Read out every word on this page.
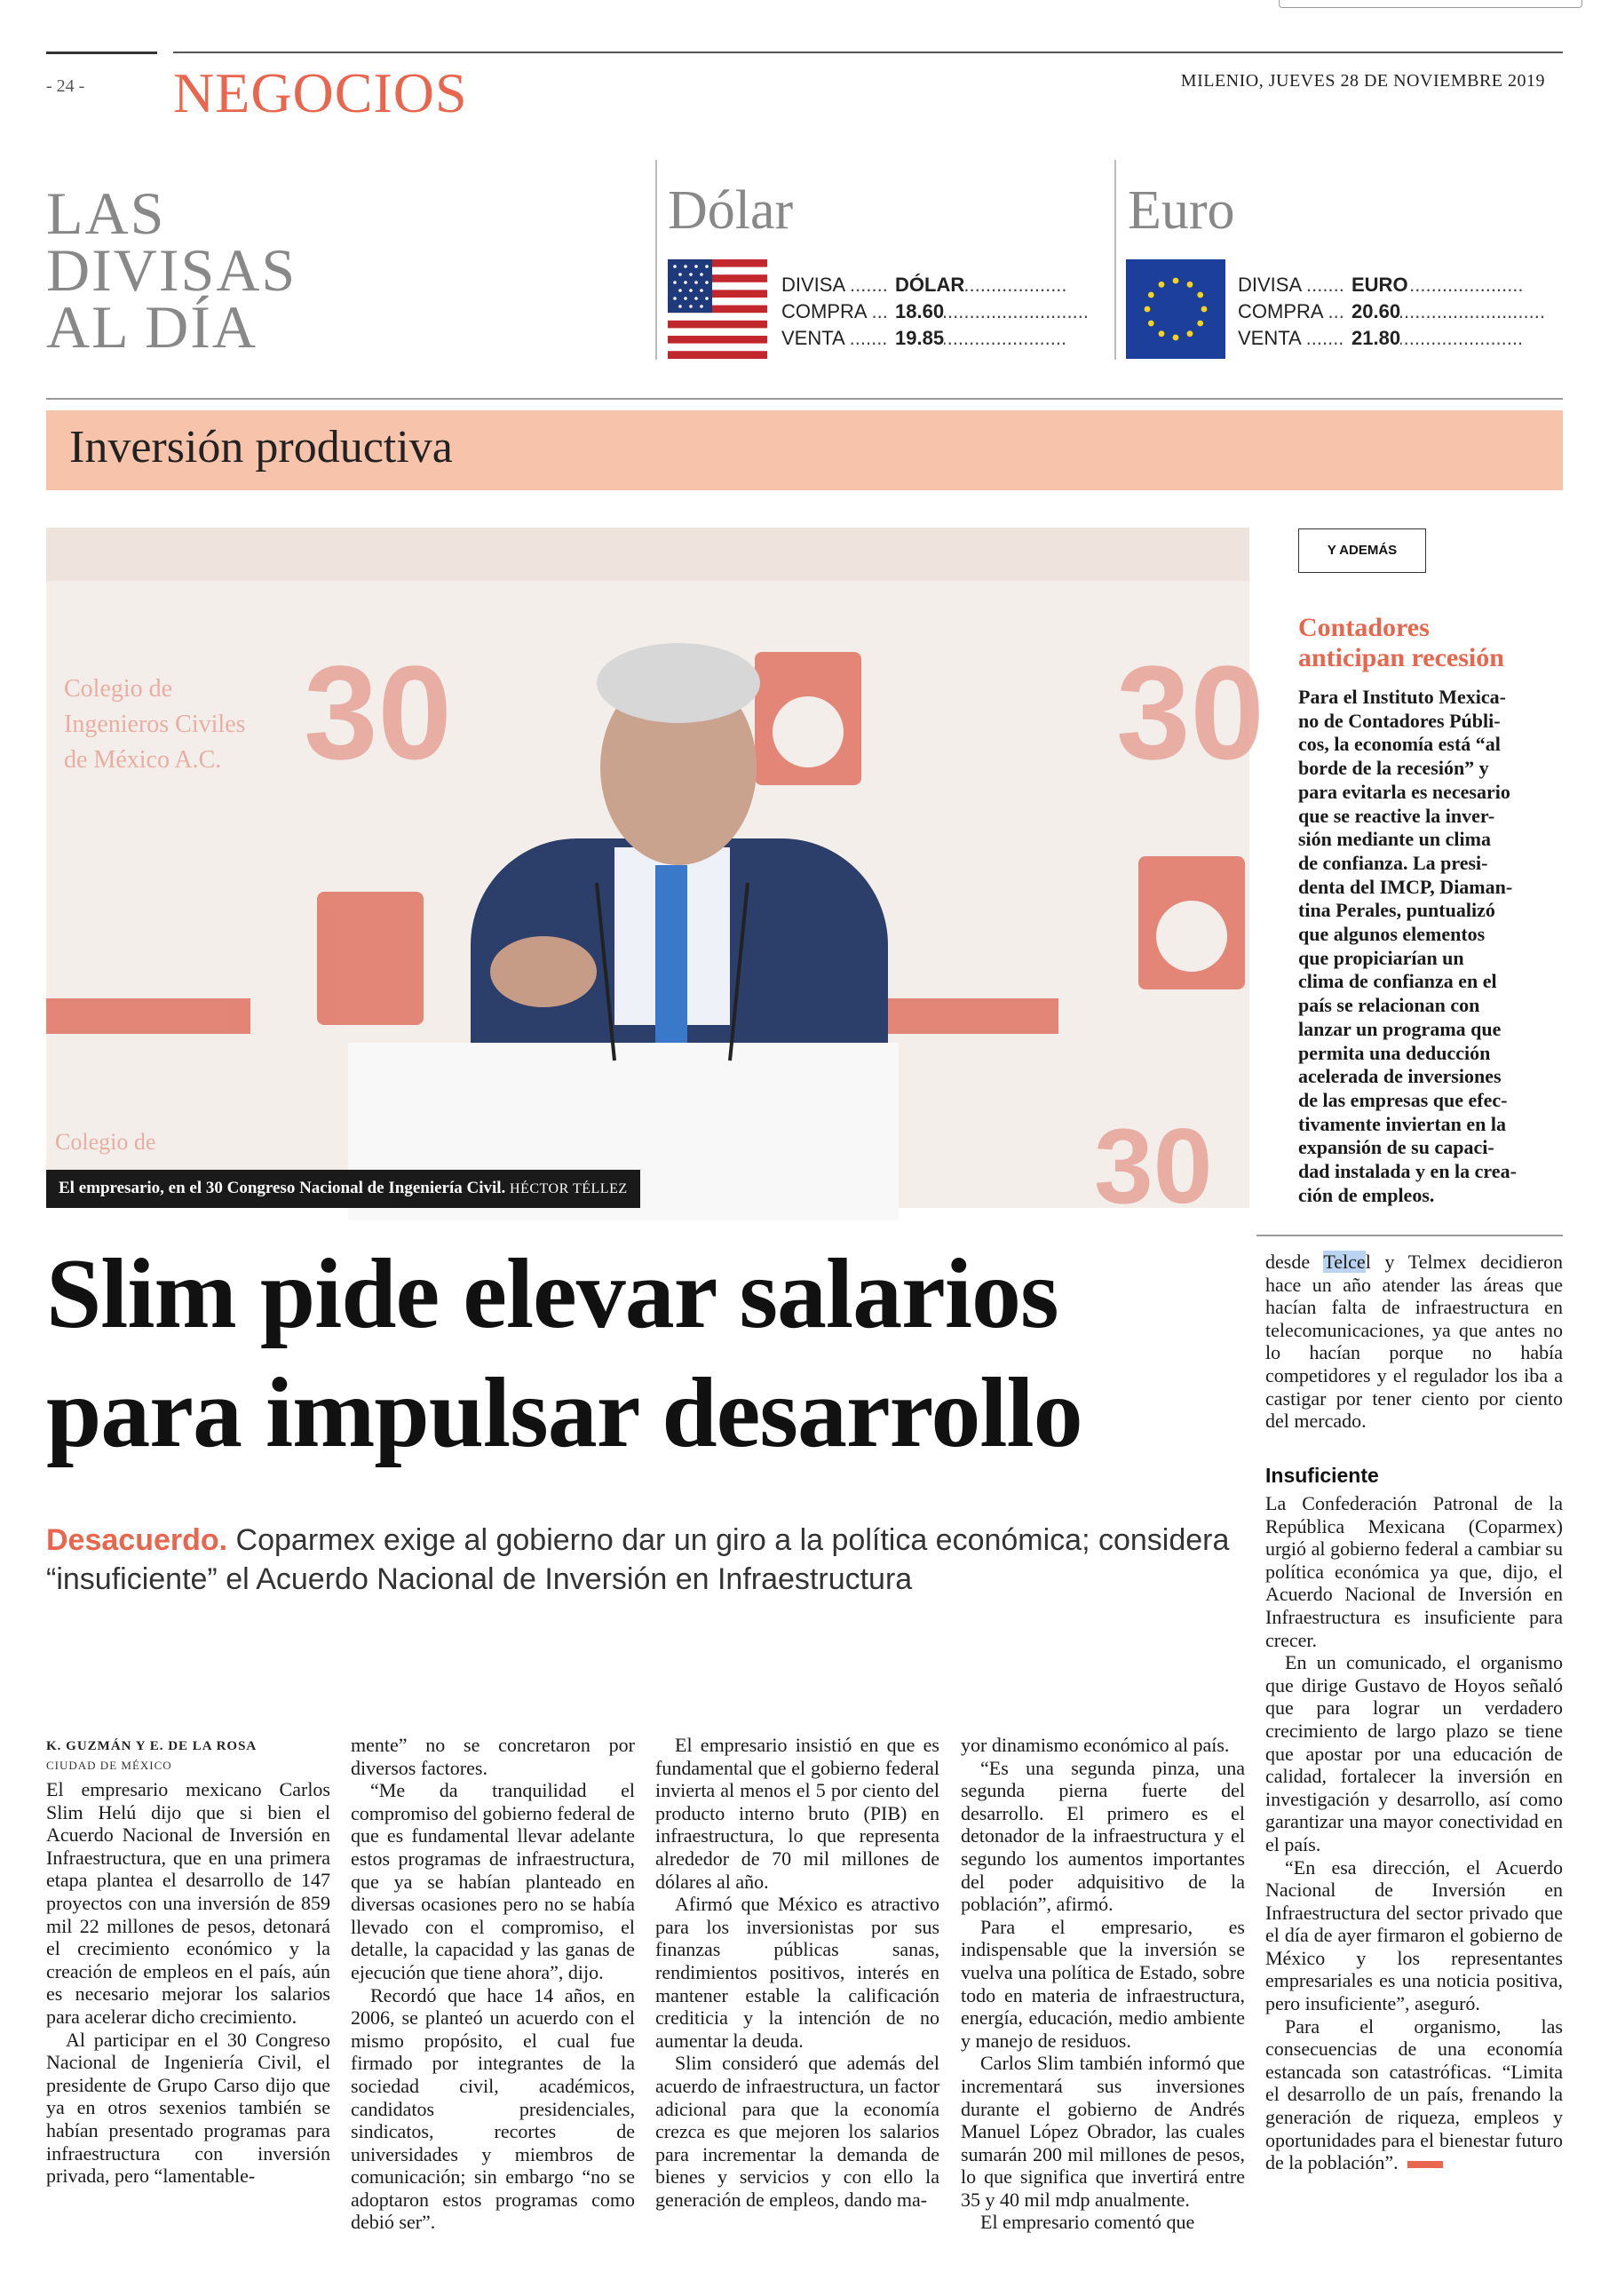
- 24 - NEGOCIOS	MILENIO, JUEVES 28 DE NOVIEMBRE 2019
LAS
DIVISAS
AL DÍA
Dólar
DIVISA .....	DÓLAR
COMPRA .....	18.60
VENTA .....	19.85
Euro
DIVISA .....	EURO
COMPRA .....	20.60
VENTA .....	21.80
Inversión productiva
Colegio de
Ingenieros Civiles
de México A.C. 30	30
30
Colegio de
El empresario, en el 30 Congreso Nacional de Ingeniería Civil. HÉCTOR TÉLLEZ
Y ADEMÁS
Contadores
anticipan recesión
Para el Instituto Mexica-
no de Contadores Públi-
cos, la economía está “al
borde de la recesión” y
para evitarla es necesario
que se reactive la inver-
sión mediante un clima
de confianza. La presi-
denta del IMCP, Diaman-
tina Perales, puntualizó
que algunos elementos
que propiciarían un
clima de confianza en el
país se relacionan con
lanzar un programa que
permita una deducción
acelerada de inversiones
de las empresas que efec-
tivamente inviertan en la
expansión de su capaci-
dad instalada y en la crea-
ción de empleos.
Slim pide elevar salarios
para impulsar desarrollo
Desacuerdo. Coparmex exige al gobierno dar un giro a la política económica; considera “insuficiente” el Acuerdo Nacional de Inversión en Infraestructura
K. GUZMÁN Y E. DE LA ROSA
CIUDAD DE MÉXICO

El empresario mexicano Carlos Slim Helú dijo que si bien el Acuerdo Nacional de Inversión en Infraestructura, que en una primera etapa plantea el desarrollo de 147 proyectos con una inversión de 859 mil 22 millones de pesos, detonará el crecimiento económico y la creación de empleos en el país, aún es necesario mejorar los salarios para acelerar dicho crecimiento.

Al participar en el 30 Congreso Nacional de Ingeniería Civil, el presidente de Grupo Carso dijo que ya en otros sexenios también se habían presentado programas para infraestructura con inversión privada, pero “lamentable-

mente” no se concretaron por diversos factores.

“Me da tranquilidad el compromiso del gobierno federal de que es fundamental llevar adelante estos programas de infraestructura, que ya se habían planteado en diversas ocasiones pero no se había llevado con el compromiso, el detalle, la capacidad y las ganas de ejecución que tiene ahora”, dijo.

Recordó que hace 14 años, en 2006, se planteó un acuerdo con el mismo propósito, el cual fue firmado por integrantes de la sociedad civil, académicos, candidatos presidenciales, sindicatos, recortes de universidades y miembros de comunicación; sin embargo “no se adoptaron estos programas como debió ser”.

El empresario insistió en que es fundamental que el gobierno federal invierta al menos el 5 por ciento del producto interno bruto (PIB) en infraestructura, lo que representa alrededor de 70 mil millones de dólares al año.

Afirmó que México es atractivo para los inversionistas por sus finanzas públicas sanas, rendimientos positivos, interés en mantener estable la calificación crediticia y la intención de no aumentar la deuda.

Slim consideró que además del acuerdo de infraestructura, un factor adicional para que la economía crezca es que mejoren los salarios para incrementar la demanda de bienes y servicios y con ello la generación de empleos, dando ma-

yor dinamismo económico al país.

“Es una segunda pinza, una segunda pierna fuerte del desarrollo. El primero es el detonador de la infraestructura y el segundo los aumentos importantes del poder adquisitivo de la población”, afirmó.

Para el empresario, es indispensable que la inversión se vuelva una política de Estado, sobre todo en materia de infraestructura, energía, educación, medio ambiente y manejo de residuos.

Carlos Slim también informó que incrementará sus inversiones durante el gobierno de Andrés Manuel López Obrador, las cuales sumarán 200 mil millones de pesos, lo que significa que invertirá entre 35 y 40 mil mdp anualmente.

El empresario comentó que

desde Telcel y Telmex decidieron hace un año atender las áreas que hacían falta de infraestructura en telecomunicaciones, ya que antes no lo hacían porque no había competidores y el regulador los iba a castigar por tener ciento por ciento del mercado.

Insuficiente

La Confederación Patronal de la República Mexicana (Coparmex) urgió al gobierno federal a cambiar su política económica ya que, dijo, el Acuerdo Nacional de Inversión en Infraestructura es insuficiente para crecer.

En un comunicado, el organismo que dirige Gustavo de Hoyos señaló que para lograr un verdadero crecimiento de largo plazo se tiene que apostar por una educación de calidad, fortalecer la inversión en investigación y desarrollo, así como garantizar una mayor conectividad en el país.

“En esa dirección, el Acuerdo Nacional de Inversión en Infraestructura del sector privado que el día de ayer firmaron el gobierno de México y los representantes empresariales es una noticia positiva, pero insuficiente”, aseguró.

Para el organismo, las consecuencias de una economía estancada son catastróficas. “Limita el desarrollo de un país, frenando la generación de riqueza, empleos y oportunidades para el bienestar futuro de la población”.
